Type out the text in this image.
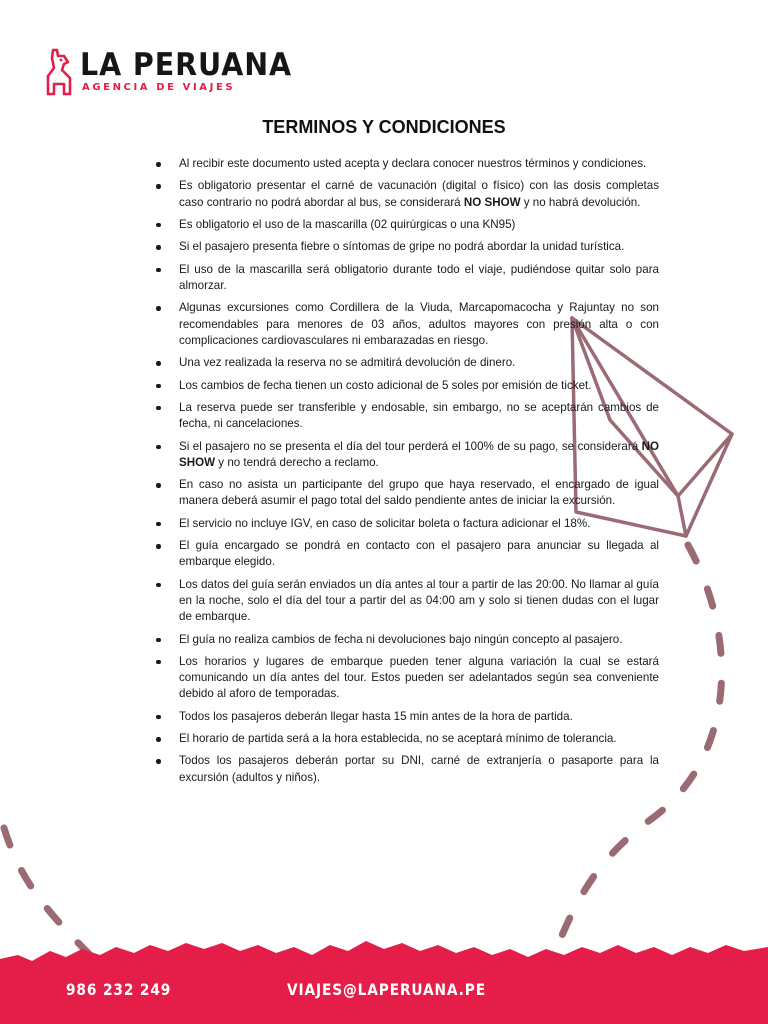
LA PERUANA
AGENCIA DE VIAJES
TERMINOS Y CONDICIONES
Al recibir este documento usted acepta y declara conocer nuestros términos y condiciones.
Es obligatorio presentar el carné de vacunación (digital o físico) con las dosis completas caso contrario no podrá abordar al bus, se considerará NO SHOW y no habrá devolución.
Es obligatorio el uso de la mascarilla (02 quirúrgicas o una KN95)
Si el pasajero presenta fiebre o síntomas de gripe no podrá abordar la unidad turística.
El uso de la mascarilla será obligatorio durante todo el viaje, pudiéndose quitar solo para almorzar.
Algunas excursiones como Cordillera de la Viuda, Marcapomacocha y Rajuntay no son recomendables para menores de 03 años, adultos mayores con presión alta o con complicaciones cardiovasculares ni embarazadas en riesgo.
Una vez realizada la reserva no se admitirá devolución de dinero.
Los cambios de fecha tienen un costo adicional de 5 soles por emisión de ticket.
La reserva puede ser transferible y endosable, sin embargo, no se aceptarán cambios de fecha, ni cancelaciones.
Si el pasajero no se presenta el día del tour perderá el 100% de su pago, se considerará NO SHOW y no tendrá derecho a reclamo.
En caso no asista un participante del grupo que haya reservado, el encargado de igual manera deberá asumir el pago total del saldo pendiente antes de iniciar la excursión.
El servicio no incluye IGV, en caso de solicitar boleta o factura adicionar el 18%.
El guía encargado se pondrá en contacto con el pasajero para anunciar su llegada al embarque elegido.
Los datos del guía serán enviados un día antes al tour a partir de las 20:00. No llamar al guía en la noche, solo el día del tour a partir del as 04:00 am y solo si tienen dudas con el lugar de embarque.
El guía no realiza cambios de fecha ni devoluciones bajo ningún concepto al pasajero.
Los horarios y lugares de embarque pueden tener alguna variación la cual se estará comunicando un día antes del tour. Estos pueden ser adelantados según sea conveniente debido al aforo de temporadas.
Todos los pasajeros deberán llegar hasta 15 min antes de la hora de partida.
El horario de partida será a la hora establecida, no se aceptará mínimo de tolerancia.
Todos los pasajeros deberán portar su DNI, carné de extranjería o pasaporte para la excursión (adultos y niños).
986 232 249	VIAJES@LAPERUANA.PE
f VIAJESLAPERUANA
